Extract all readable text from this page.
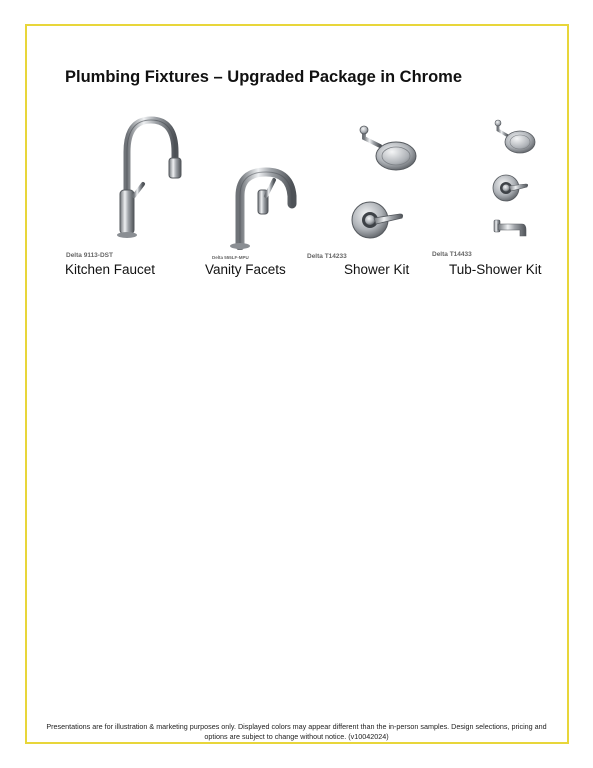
Plumbing Fixtures – Upgraded Package in Chrome
Delta 9113-DST
Kitchen Faucet
Delta 555LF-MPU
Vanity Facets
Delta T14233
Shower Kit
Delta T14433
Tub-Shower Kit
Presentations are for illustration & marketing purposes only. Displayed colors may appear different than the in-person samples. Design selections, pricing and
options are subject to change without notice. (v10042024)
